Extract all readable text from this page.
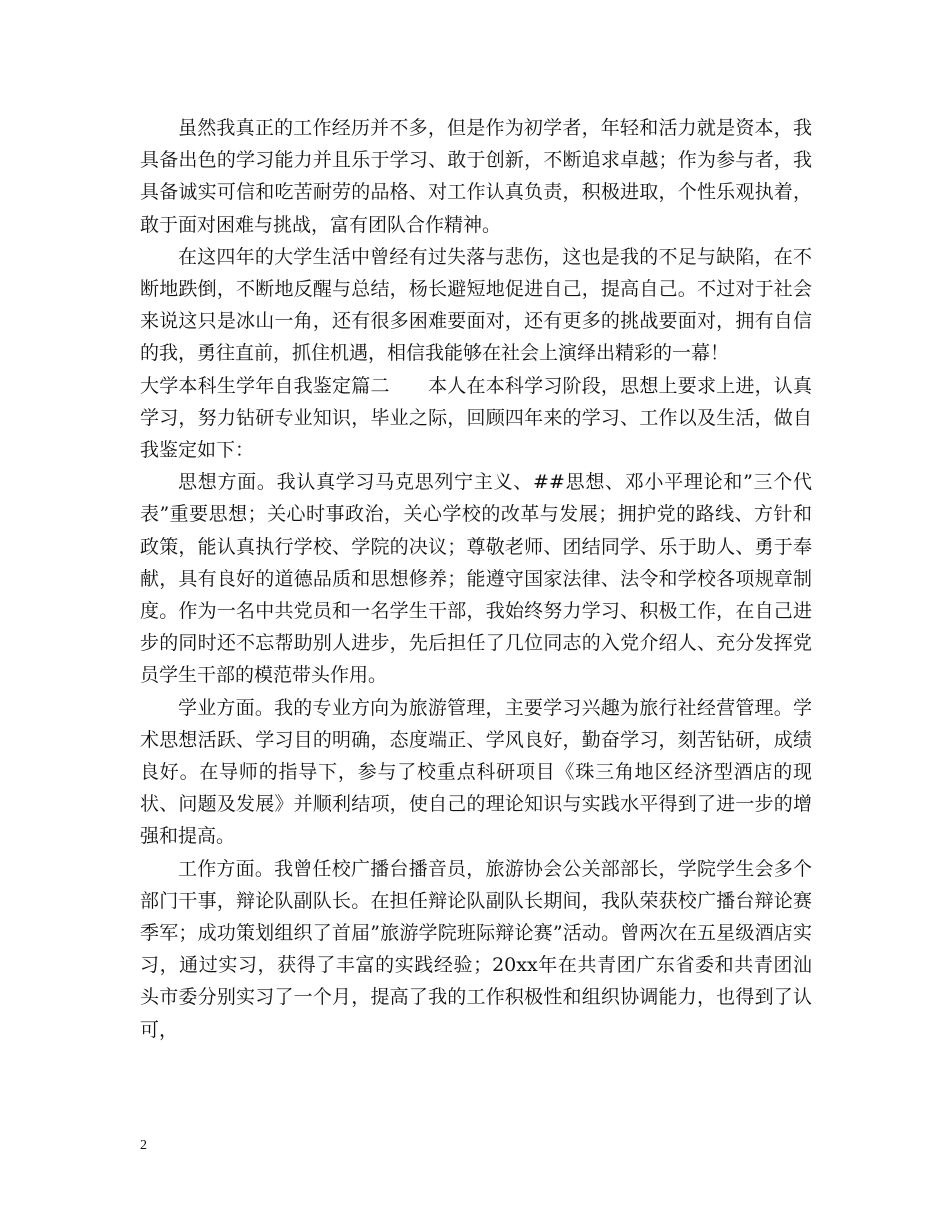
虽然我真正的工作经历并不多，但是作为初学者，年轻和活力就是资本，我具备出色的学习能力并且乐于学习、敢于创新，不断追求卓越；作为参与者，我具备诚实可信和吃苦耐劳的品格、对工作认真负责，积极进取，个性乐观执着，敢于面对困难与挑战，富有团队合作精神。

在这四年的大学生活中曾经有过失落与悲伤，这也是我的不足与缺陷，在不断地跌倒，不断地反醒与总结，杨长避短地促进自己，提高自己。不过对于社会来说这只是冰山一角，还有很多困难要面对，还有更多的挑战要面对，拥有自信的我，勇往直前，抓住机遇，相信我能够在社会上演绎出精彩的一幕！

大学本科生学年自我鉴定篇二　　本人在本科学习阶段，思想上要求上进，认真学习，努力钻研专业知识，毕业之际，回顾四年来的学习、工作以及生活，做自我鉴定如下：

思想方面。我认真学习马克思列宁主义、##思想、邓小平理论和”三个代表”重要思想；关心时事政治，关心学校的改革与发展；拥护党的路线、方针和政策，能认真执行学校、学院的决议；尊敬老师、团结同学、乐于助人、勇于奉献，具有良好的道德品质和思想修养；能遵守国家法律、法令和学校各项规章制度。作为一名中共党员和一名学生干部，我始终努力学习、积极工作，在自己进步的同时还不忘帮助别人进步，先后担任了几位同志的入党介绍人、充分发挥党员学生干部的模范带头作用。

学业方面。我的专业方向为旅游管理，主要学习兴趣为旅行社经营管理。学术思想活跃、学习目的明确，态度端正、学风良好，勤奋学习，刻苦钻研，成绩良好。在导师的指导下，参与了校重点科研项目《珠三角地区经济型酒店的现状、问题及发展》并顺利结项，使自己的理论知识与实践水平得到了进一步的增强和提高。

工作方面。我曾任校广播台播音员，旅游协会公关部部长，学院学生会多个部门干事，辩论队副队长。在担任辩论队副队长期间，我队荣获校广播台辩论赛季军；成功策划组织了首届”旅游学院班际辩论赛”活动。曾两次在五星级酒店实习，通过实习，获得了丰富的实践经验；20xx年在共青团广东省委和共青团汕头市委分别实习了一个月，提高了我的工作积极性和组织协调能力，也得到了认可，

2
